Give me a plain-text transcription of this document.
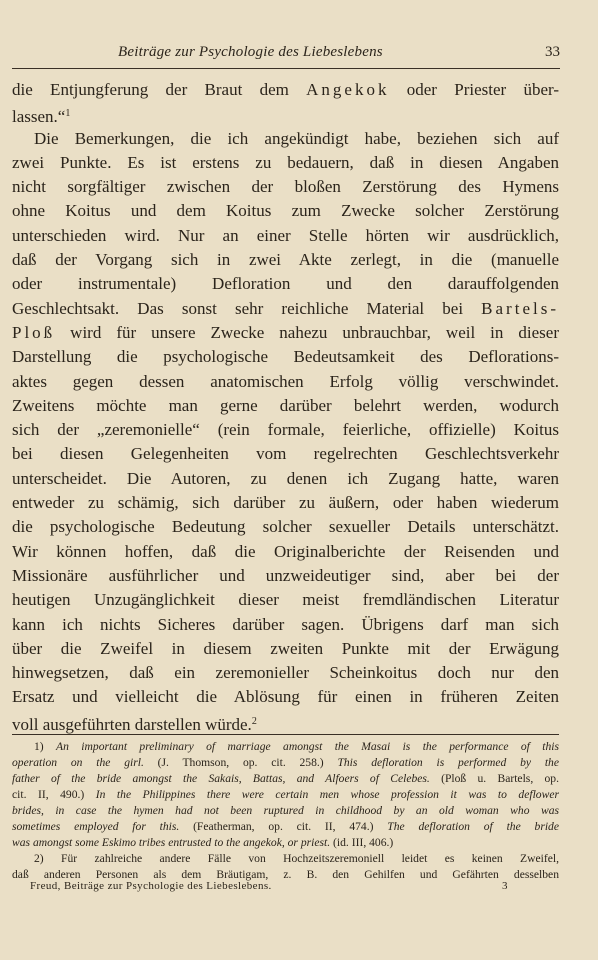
Beiträge zur Psychologie des Liebeslebens	33
die Entjungferung der Braut dem Angekok oder Priester über-
lassen.“$^1$
Die Bemerkungen, die ich angekündigt habe, beziehen sich auf
zwei Punkte. Es ist erstens zu bedauern, daß in diesen Angaben
nicht sorgfältiger zwischen der bloßen Zerstörung des Hymens
ohne Koitus und dem Koitus zum Zwecke solcher Zerstörung
unterschieden wird. Nur an einer Stelle hörten wir ausdrücklich,
daß der Vorgang sich in zwei Akte zerlegt, in die (manuelle
oder instrumentale) Defloration und den darauffolgenden
Geschlechtsakt. Das sonst sehr reichliche Material bei Bartels-
Ploß wird für unsere Zwecke nahezu unbrauchbar, weil in dieser
Darstellung die psychologische Bedeutsamkeit des Deflorations-
aktes gegen dessen anatomischen Erfolg völlig verschwindet.
Zweitens möchte man gerne darüber belehrt werden, wodurch
sich der „zeremonielle“ (rein formale, feierliche, offizielle) Koitus
bei diesen Gelegenheiten vom regelrechten Geschlechtsverkehr
unterscheidet. Die Autoren, zu denen ich Zugang hatte, waren
entweder zu schämig, sich darüber zu äußern, oder haben wiederum
die psychologische Bedeutung solcher sexueller Details unterschätzt.
Wir können hoffen, daß die Originalberichte der Reisenden und
Missionäre ausführlicher und unzweideutiger sind, aber bei der
heutigen Unzugänglichkeit dieser meist fremdländischen Literatur
kann ich nichts Sicheres darüber sagen. Übrigens darf man sich
über die Zweifel in diesem zweiten Punkte mit der Erwägung
hinwegsetzen, daß ein zeremonieller Scheinkoitus doch nur den
Ersatz und vielleicht die Ablösung für einen in früheren Zeiten
voll ausgeführten darstellen würde.$^2$
1) An important preliminary of marriage amongst the Masai is the performance of this
operation on the girl. (J. Thomson, op. cit. 258.) This defloration is performed by the
father of the bride amongst the Sakais, Battas, and Alfoers of Celebes. (Ploß u. Bartels, op.
cit. II, 490.) In the Philippines there were certain men whose profession it was to deflower
brides, in case the hymen had not been ruptured in childhood by an old woman who was
sometimes employed for this. (Featherman, op. cit. II, 474.) The defloration of the bride
was amongst some Eskimo tribes entrusted to the angekok, or priest. (id. III, 406.)
2) Für zahlreiche andere Fälle von Hochzeitszeremoniell leidet es keinen Zweifel,
daß anderen Personen als dem Bräutigam, z. B. den Gehilfen und Gefährten desselben
Freud, Beiträge zur Psychologie des Liebeslebens.	3
